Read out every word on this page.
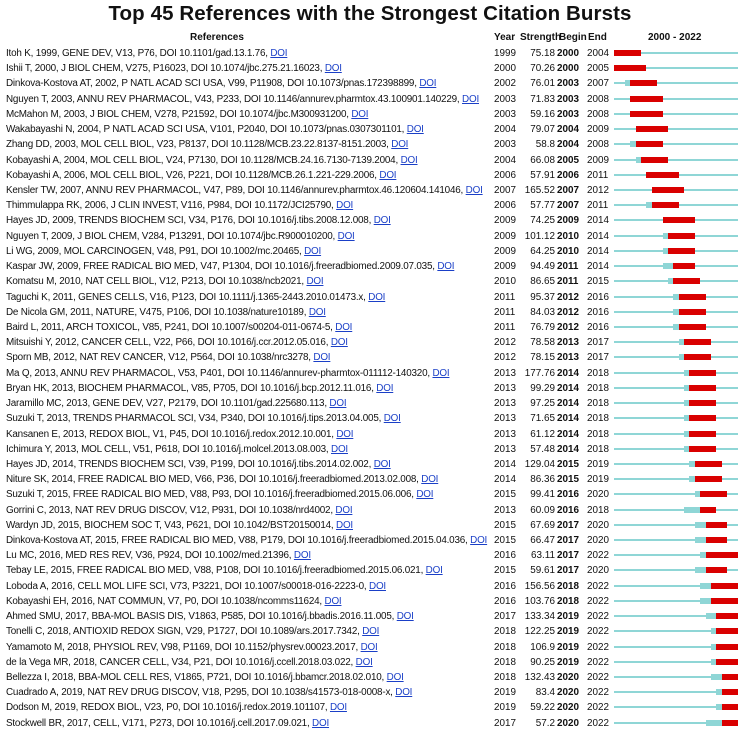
Top 45 References with the Strongest Citation Bursts
References	Year Strength
Begin End	2000 - 2022
Itoh K, 1999, GENE DEV, V13, P76, DOI 10.1101/gad.13.1.76, DOI	1999	75.18 2000 2004
Ishii T, 2000, J BIOL CHEM, V275, P16023, DOI 10.1074/jbc.275.21.16023, DOI	2000	70.26 2000 2005
Dinkova-Kostova AT, 2002, P NATL ACAD SCI USA, V99, P11908, DOI 10.1073/pnas.172398899, DOI	2002	76.01 2003 2007
Nguyen T, 2003, ANNU REV PHARMACOL, V43, P233, DOI 10.1146/annurev.pharmtox.43.100901.140229, DOI 2003	71.83 2003 2008
McMahon M, 2003, J BIOL CHEM, V278, P21592, DOI 10.1074/jbc.M300931200, DOI	2003	59.16 2003 2008
Wakabayashi N, 2004, P NATL ACAD SCI USA, V101, P2040, DOI 10.1073/pnas.0307301101, DOI	2004	79.07 2004 2009
Zhang DD, 2003, MOL CELL BIOL, V23, P8137, DOI 10.1128/MCB.23.22.8137-8151.2003, DOI	2003	58.8 2004 2008
Kobayashi A, 2004, MOL CELL BIOL, V24, P7130, DOI 10.1128/MCB.24.16.7130-7139.2004, DOI	2004	66.08 2005 2009
Kobayashi A, 2006, MOL CELL BIOL, V26, P221, DOI 10.1128/MCB.26.1.221-229.2006, DOI	2006	57.91 2006 2011
Kensler TW, 2007, ANNU REV PHARMACOL, V47, P89, DOI 10.1146/annurev.pharmtox.46.120604.141046, DOI 2007 165.52 2007 2012
Thimmulappa RK, 2006, J CLIN INVEST, V116, P984, DOI 10.1172/JCI25790, DOI	2006	57.77 2007 2011
Hayes JD, 2009, TRENDS BIOCHEM SCI, V34, P176, DOI 10.1016/j.tibs.2008.12.008, DOI	2009	74.25 2009 2014
Nguyen T, 2009, J BIOL CHEM, V284, P13291, DOI 10.1074/jbc.R900010200, DOI	2009 101.12 2010 2014
Li WG, 2009, MOL CARCINOGEN, V48, P91, DOI 10.1002/mc.20465, DOI	2009	64.25 2010 2014
Kaspar JW, 2009, FREE RADICAL BIO MED, V47, P1304, DOI 10.1016/j.freeradbiomed.2009.07.035, DOI	2009	94.49 2011 2014
Komatsu M, 2010, NAT CELL BIOL, V12, P213, DOI 10.1038/ncb2021, DOI	2010	86.65 2011 2015
Taguchi K, 2011, GENES CELLS, V16, P123, DOI 10.1111/j.1365-2443.2010.01473.x, DOI	2011	95.37 2012 2016
De Nicola GM, 2011, NATURE, V475, P106, DOI 10.1038/nature10189, DOI	2011	84.03 2012 2016
Baird L, 2011, ARCH TOXICOL, V85, P241, DOI 10.1007/s00204-011-0674-5, DOI	2011	76.79 2012 2016
Mitsuishi Y, 2012, CANCER CELL, V22, P66, DOI 10.1016/j.ccr.2012.05.016, DOI	2012	78.58 2013 2017
Sporn MB, 2012, NAT REV CANCER, V12, P564, DOI 10.1038/nrc3278, DOI	2012	78.15 2013 2017
Ma Q, 2013, ANNU REV PHARMACOL, V53, P401, DOI 10.1146/annurev-pharmtox-011112-140320, DOI	2013 177.76 2014 2018
Bryan HK, 2013, BIOCHEM PHARMACOL, V85, P705, DOI 10.1016/j.bcp.2012.11.016, DOI	2013	99.29 2014 2018
Jaramillo MC, 2013, GENE DEV, V27, P2179, DOI 10.1101/gad.225680.113, DOI	2013	97.25 2014 2018
Suzuki T, 2013, TRENDS PHARMACOL SCI, V34, P340, DOI 10.1016/j.tips.2013.04.005, DOI	2013	71.65 2014 2018
Kansanen E, 2013, REDOX BIOL, V1, P45, DOI 10.1016/j.redox.2012.10.001, DOI	2013	61.12 2014 2018
Ichimura Y, 2013, MOL CELL, V51, P618, DOI 10.1016/j.molcel.2013.08.003, DOI	2013	57.48 2014 2018
Hayes JD, 2014, TRENDS BIOCHEM SCI, V39, P199, DOI 10.1016/j.tibs.2014.02.002, DOI	2014 129.04 2015 2019
Niture SK, 2014, FREE RADICAL BIO MED, V66, P36, DOI 10.1016/j.freeradbiomed.2013.02.008, DOI	2014	86.36 2015 2019
Suzuki T, 2015, FREE RADICAL BIO MED, V88, P93, DOI 10.1016/j.freeradbiomed.2015.06.006, DOI	2015	99.41 2016 2020
Gorrini C, 2013, NAT REV DRUG DISCOV, V12, P931, DOI 10.1038/nrd4002, DOI	2013	60.09 2016 2018
Wardyn JD, 2015, BIOCHEM SOC T, V43, P621, DOI 10.1042/BST20150014, DOI	2015	67.69 2017 2020
Dinkova-Kostova AT, 2015, FREE RADICAL BIO MED, V88, P179, DOI 10.1016/j.freeradbiomed.2015.04.036, DOI 2015	66.47 2017 2020
Lu MC, 2016, MED RES REV, V36, P924, DOI 10.1002/med.21396, DOI	2016	63.11 2017 2022
Tebay LE, 2015, FREE RADICAL BIO MED, V88, P108, DOI 10.1016/j.freeradbiomed.2015.06.021, DOI	2015	59.61 2017 2020
Loboda A, 2016, CELL MOL LIFE SCI, V73, P3221, DOI 10.1007/s00018-016-2223-0, DOI	2016 156.56 2018 2022
Kobayashi EH, 2016, NAT COMMUN, V7, P0, DOI 10.1038/ncomms11624, DOI	2016 103.76 2018 2022
Ahmed SMU, 2017, BBA-MOL BASIS DIS, V1863, P585, DOI 10.1016/j.bbadis.2016.11.005, DOI	2017 133.34 2019 2022
Tonelli C, 2018, ANTIOXID REDOX SIGN, V29, P1727, DOI 10.1089/ars.2017.7342, DOI	2018 122.25 2019 2022
Yamamoto M, 2018, PHYSIOL REV, V98, P1169, DOI 10.1152/physrev.00023.2017, DOI	2018	106.9 2019 2022
de la Vega MR, 2018, CANCER CELL, V34, P21, DOI 10.1016/j.ccell.2018.03.022, DOI	2018	90.25 2019 2022
Bellezza I, 2018, BBA-MOL CELL RES, V1865, P721, DOI 10.1016/j.bbamcr.2018.02.010, DOI	2018 132.43 2020 2022
Cuadrado A, 2019, NAT REV DRUG DISCOV, V18, P295, DOI 10.1038/s41573-018-0008-x, DOI	2019	83.4 2020 2022
Dodson M, 2019, REDOX BIOL, V23, P0, DOI 10.1016/j.redox.2019.101107, DOI	2019	59.22 2020 2022
Stockwell BR, 2017, CELL, V171, P273, DOI 10.1016/j.cell.2017.09.021, DOI	2017	57.2 2020 2022
